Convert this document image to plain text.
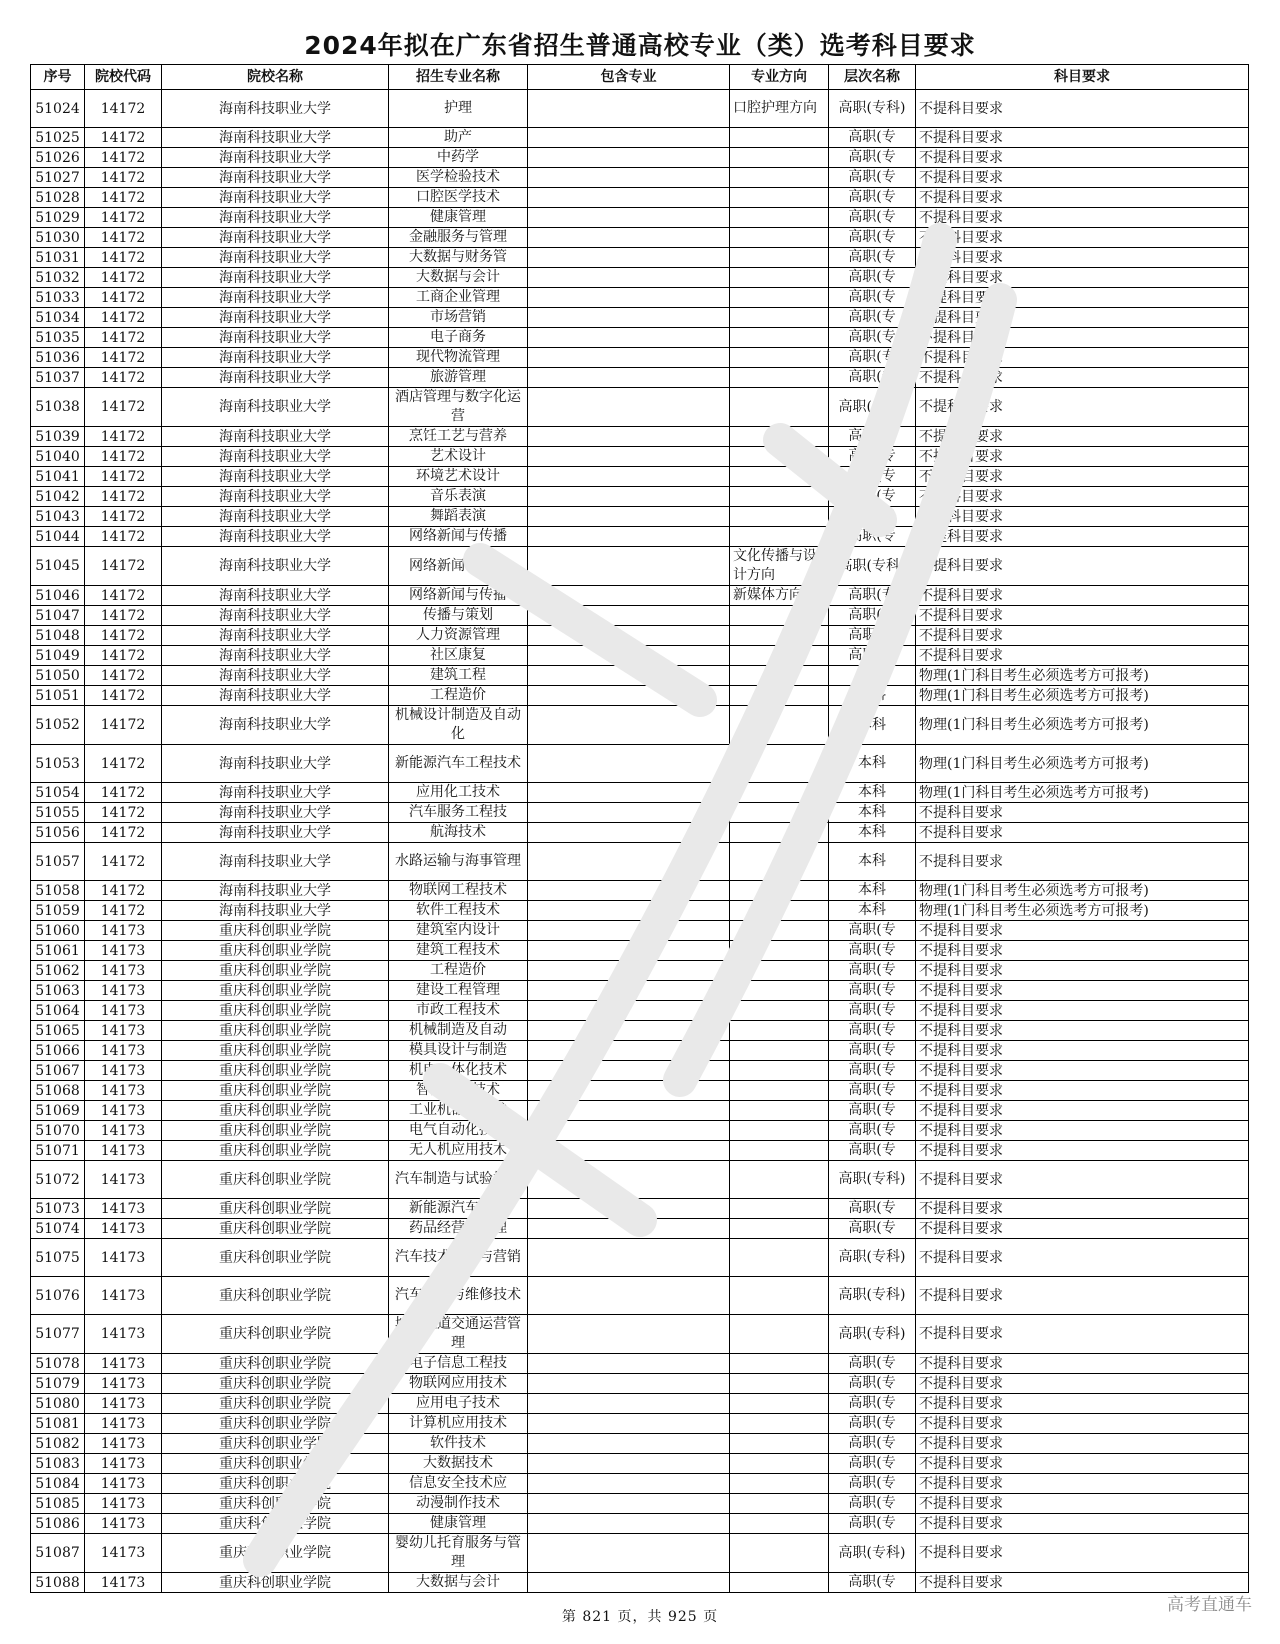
2024年拟在广东省招生普通高校专业（类）选考科目要求
序号	院校代码	院校名称	招生专业名称	包含专业	专业方向	层次名称	科目要求
51024	14172	海南科技职业大学	护理		口腔护理方向	高职(专科)	不提科目要求
51025	14172	海南科技职业大学	助产			高职(专	不提科目要求
51026	14172	海南科技职业大学	中药学			高职(专	不提科目要求
51027	14172	海南科技职业大学	医学检验技术			高职(专	不提科目要求
51028	14172	海南科技职业大学	口腔医学技术			高职(专	不提科目要求
51029	14172	海南科技职业大学	健康管理			高职(专	不提科目要求
51030	14172	海南科技职业大学	金融服务与管理			高职(专	不提科目要求
51031	14172	海南科技职业大学	大数据与财务管			高职(专	不提科目要求
51032	14172	海南科技职业大学	大数据与会计			高职(专	不提科目要求
51033	14172	海南科技职业大学	工商企业管理			高职(专	不提科目要求
51034	14172	海南科技职业大学	市场营销			高职(专	不提科目要求
51035	14172	海南科技职业大学	电子商务			高职(专	不提科目要求
51036	14172	海南科技职业大学	现代物流管理			高职(专	不提科目要求
51037	14172	海南科技职业大学	旅游管理			高职(专	不提科目要求
51038	14172	海南科技职业大学	酒店管理与数字化运营			高职(专科)	不提科目要求
51039	14172	海南科技职业大学	烹饪工艺与营养			高职(专	不提科目要求
51040	14172	海南科技职业大学	艺术设计			高职(专	不提科目要求
51041	14172	海南科技职业大学	环境艺术设计			高职(专	不提科目要求
51042	14172	海南科技职业大学	音乐表演			高职(专	不提科目要求
51043	14172	海南科技职业大学	舞蹈表演			高职(专	不提科目要求
51044	14172	海南科技职业大学	网络新闻与传播			高职(专	不提科目要求
51045	14172	海南科技职业大学	网络新闻与传播		文化传播与设计方向	高职(专科)	不提科目要求
51046	14172	海南科技职业大学	网络新闻与传播		新媒体方向	高职(专	不提科目要求
51047	14172	海南科技职业大学	传播与策划			高职(专	不提科目要求
51048	14172	海南科技职业大学	人力资源管理			高职(专	不提科目要求
51049	14172	海南科技职业大学	社区康复			高职(专	不提科目要求
51050	14172	海南科技职业大学	建筑工程			本科	物理(1门科目考生必须选考方可报考)
51051	14172	海南科技职业大学	工程造价			本科	物理(1门科目考生必须选考方可报考)
51052	14172	海南科技职业大学	机械设计制造及自动化			本科	物理(1门科目考生必须选考方可报考)
51053	14172	海南科技职业大学	新能源汽车工程技术			本科	物理(1门科目考生必须选考方可报考)
51054	14172	海南科技职业大学	应用化工技术			本科	物理(1门科目考生必须选考方可报考)
51055	14172	海南科技职业大学	汽车服务工程技			本科	不提科目要求
51056	14172	海南科技职业大学	航海技术			本科	不提科目要求
51057	14172	海南科技职业大学	水路运输与海事管理			本科	不提科目要求
51058	14172	海南科技职业大学	物联网工程技术			本科	物理(1门科目考生必须选考方可报考)
51059	14172	海南科技职业大学	软件工程技术			本科	物理(1门科目考生必须选考方可报考)
51060	14173	重庆科创职业学院	建筑室内设计			高职(专	不提科目要求
51061	14173	重庆科创职业学院	建筑工程技术			高职(专	不提科目要求
51062	14173	重庆科创职业学院	工程造价			高职(专	不提科目要求
51063	14173	重庆科创职业学院	建设工程管理			高职(专	不提科目要求
51064	14173	重庆科创职业学院	市政工程技术			高职(专	不提科目要求
51065	14173	重庆科创职业学院	机械制造及自动			高职(专	不提科目要求
51066	14173	重庆科创职业学院	模具设计与制造			高职(专	不提科目要求
51067	14173	重庆科创职业学院	机电一体化技术			高职(专	不提科目要求
51068	14173	重庆科创职业学院	智能控制技术			高职(专	不提科目要求
51069	14173	重庆科创职业学院	工业机器人技术			高职(专	不提科目要求
51070	14173	重庆科创职业学院	电气自动化技术			高职(专	不提科目要求
51071	14173	重庆科创职业学院	无人机应用技术			高职(专	不提科目要求
51072	14173	重庆科创职业学院	汽车制造与试验技术			高职(专科)	不提科目要求
51073	14173	重庆科创职业学院	新能源汽车技术			高职(专	不提科目要求
51074	14173	重庆科创职业学院	药品经营与管理			高职(专	不提科目要求
51075	14173	重庆科创职业学院	汽车技术服务与营销			高职(专科)	不提科目要求
51076	14173	重庆科创职业学院	汽车检测与维修技术			高职(专科)	不提科目要求
51077	14173	重庆科创职业学院	城市轨道交通运营管理			高职(专科)	不提科目要求
51078	14173	重庆科创职业学院	电子信息工程技			高职(专	不提科目要求
51079	14173	重庆科创职业学院	物联网应用技术			高职(专	不提科目要求
51080	14173	重庆科创职业学院	应用电子技术			高职(专	不提科目要求
51081	14173	重庆科创职业学院	计算机应用技术			高职(专	不提科目要求
51082	14173	重庆科创职业学院	软件技术			高职(专	不提科目要求
51083	14173	重庆科创职业学院	大数据技术			高职(专	不提科目要求
51084	14173	重庆科创职业学院	信息安全技术应			高职(专	不提科目要求
51085	14173	重庆科创职业学院	动漫制作技术			高职(专	不提科目要求
51086	14173	重庆科创职业学院	健康管理			高职(专	不提科目要求
51087	14173	重庆科创职业学院	婴幼儿托育服务与管理			高职(专科)	不提科目要求
51088	14173	重庆科创职业学院	大数据与会计			高职(专	不提科目要求
第 821 页，共 925 页
高考直通车
